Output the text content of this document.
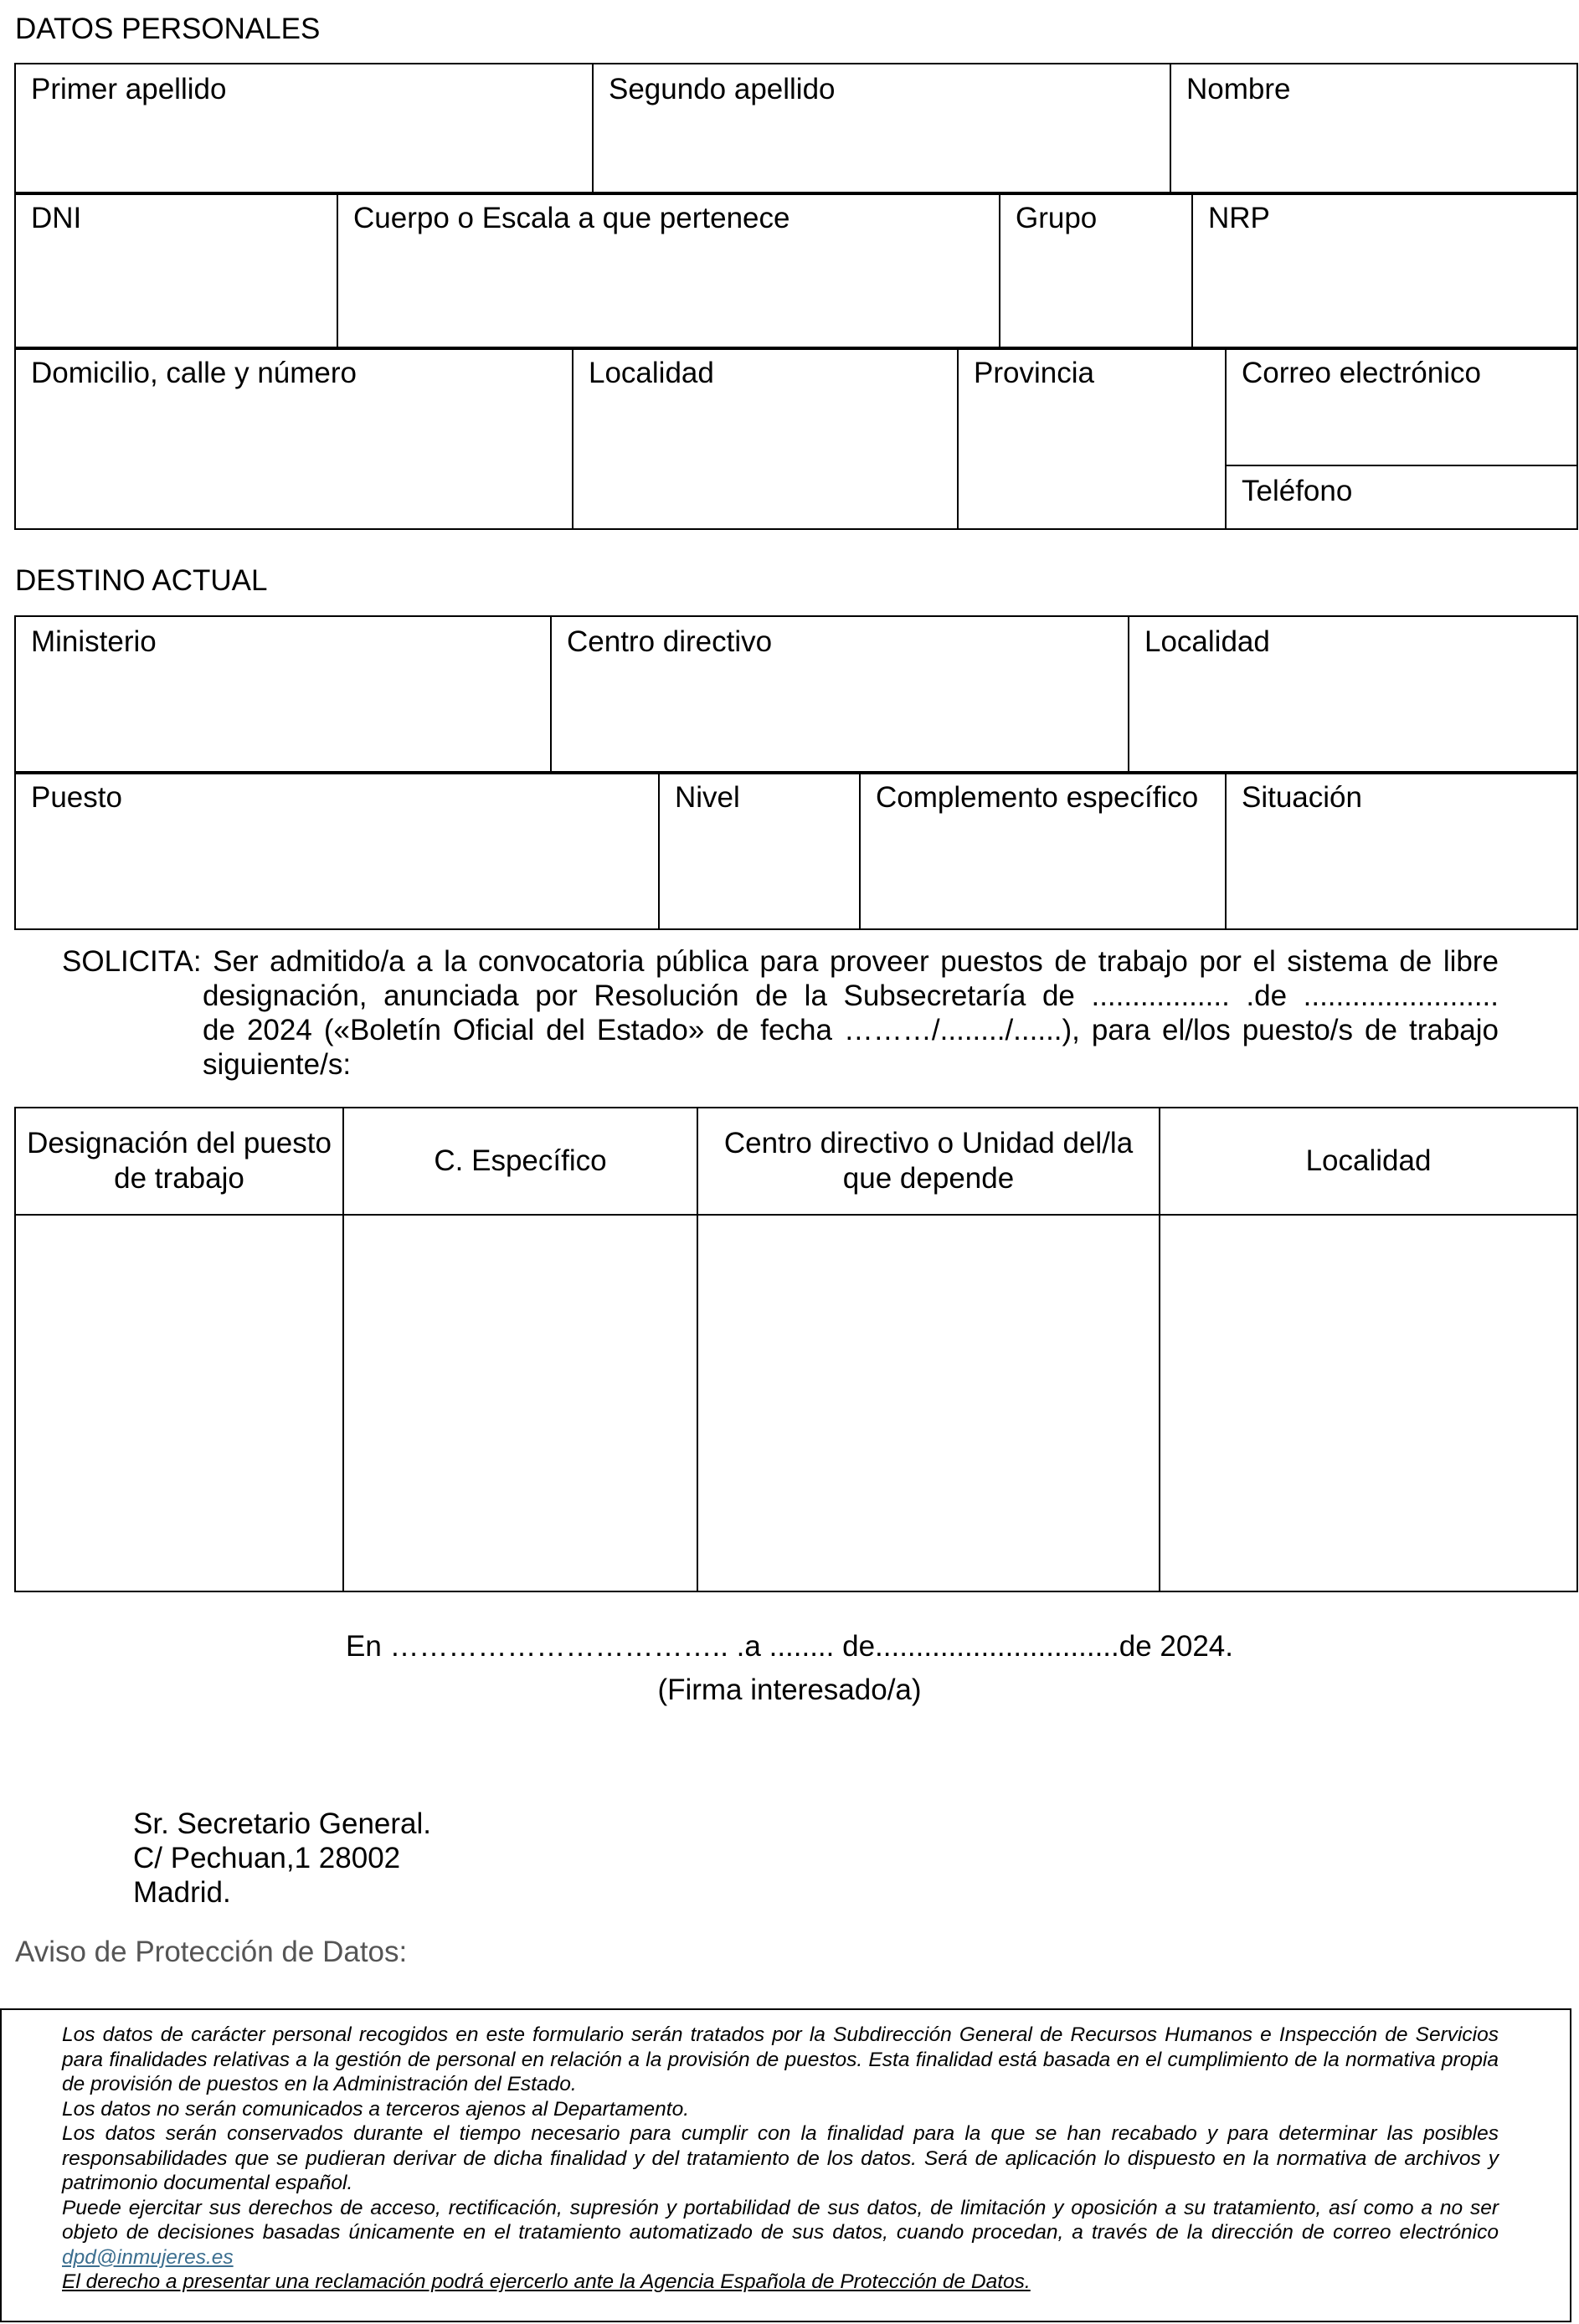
DATOS PERSONALES
Primer apellido	Segundo apellido	Nombre
DNI	Cuerpo o Escala a que pertenece	Grupo	NRP
Domicilio, calle y número	Localidad	Provincia	Correo electrónico
Teléfono
DESTINO ACTUAL
Ministerio	Centro directivo	Localidad
Puesto	Nivel	Complemento específico	Situación
SOLICITA: Ser admitido/a a la convocatoria pública para proveer puestos de trabajo por el sistema de libre
designación, anunciada por Resolución de la Subsecretaría de ................. .de ........................
de 2024 («Boletín Oficial del Estado» de fecha ………/......../......), para el/los puesto/s de trabajo
siguiente/s:
Designación del puesto de trabajo	C. Específico	Centro directivo o Unidad del/la que depende	Localidad

En …………………………….. .a ........ de..............................de 2024.
(Firma interesado/a)
Sr. Secretario General.
C/ Pechuan,1 28002
Madrid.
Aviso de Protección de Datos:

Los datos de carácter personal recogidos en este formulario serán tratados por la Subdirección General de Recursos Humanos e Inspección de Servicios para finalidades relativas a la gestión de personal en relación a la provisión de puestos. Esta finalidad está basada en el cumplimiento de la normativa propia de provisión de puestos en la Administración del Estado.

Los datos no serán comunicados a terceros ajenos al Departamento.

Los datos serán conservados durante el tiempo necesario para cumplir con la finalidad para la que se han recabado y para determinar las posibles responsabilidades que se pudieran derivar de dicha finalidad y del tratamiento de los datos. Será de aplicación lo dispuesto en la normativa de archivos y patrimonio documental español.

Puede ejercitar sus derechos de acceso, rectificación, supresión y portabilidad de sus datos, de limitación y oposición a su tratamiento, así como a no ser objeto de decisiones basadas únicamente en el tratamiento automatizado de sus datos, cuando procedan, a través de la dirección de correo electrónico dpd@inmujeres.es

El derecho a presentar una reclamación podrá ejercerlo ante la Agencia Española de Protección de Datos.
